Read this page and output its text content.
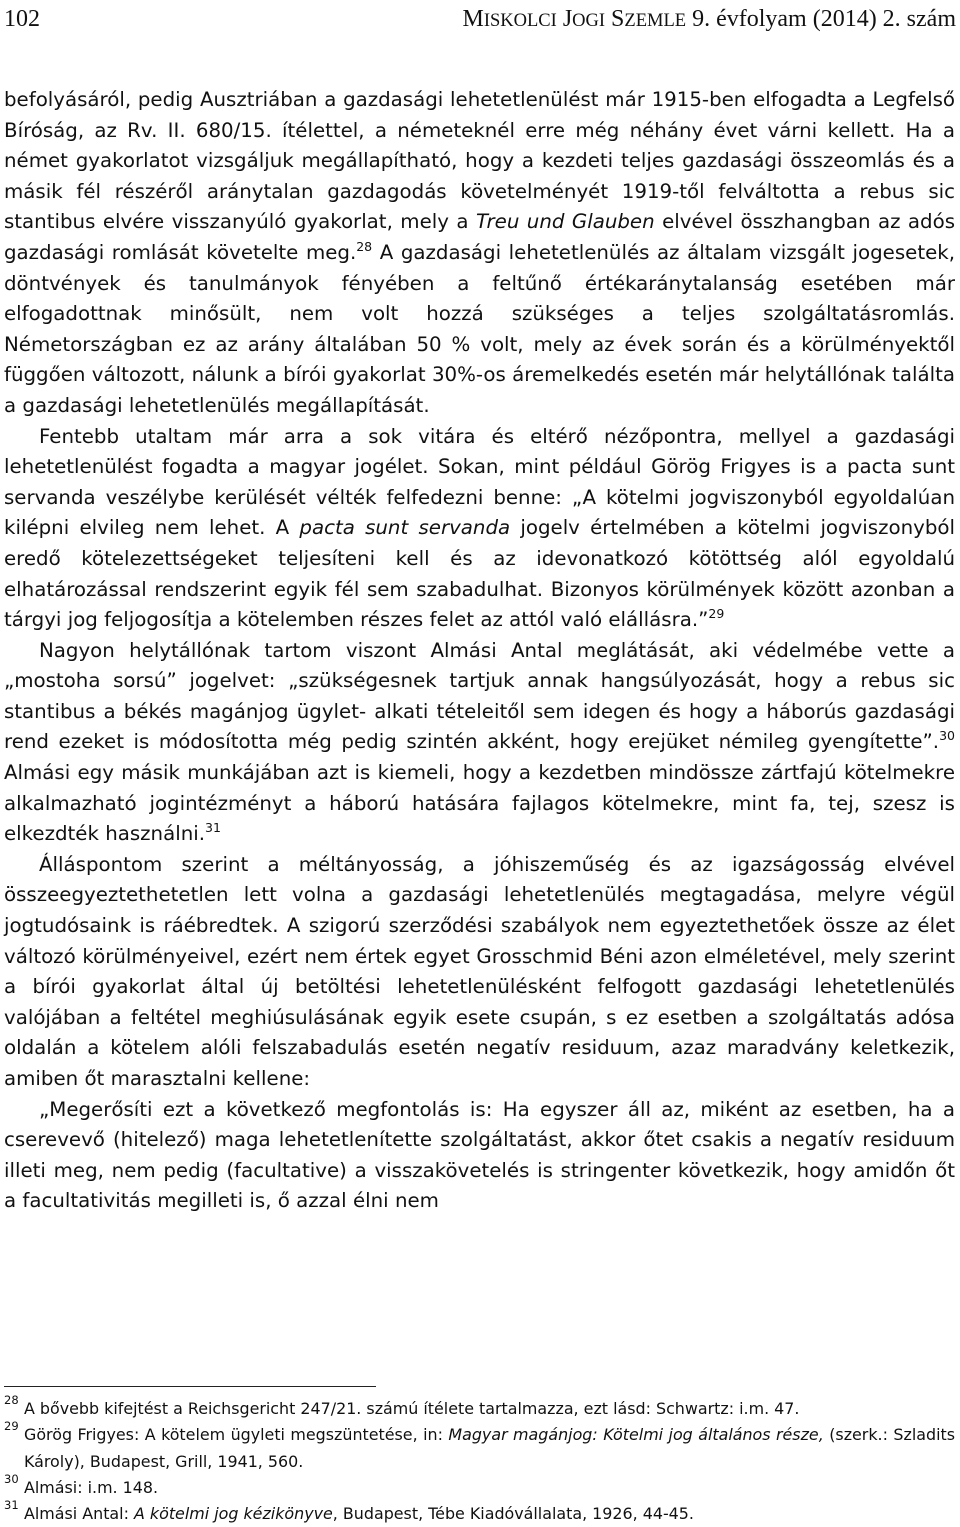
102	MISKOLCI JOGI SZEMLE 9. évfolyam (2014) 2. szám

befolyásáról, pedig Ausztriában a gazdasági lehetetlenülést már 1915-ben elfogadta a Legfelső Bíróság, az Rv. II. 680/15. ítélettel, a németeknél erre még néhány évet várni kellett. Ha a német gyakorlatot vizsgáljuk megállapítható, hogy a kezdeti teljes gazdasági összeomlás és a másik fél részéről aránytalan gazdagodás követelményét 1919-től felváltotta a rebus sic stantibus elvére visszanyúló gyakorlat, mely a Treu und Glauben elvével összhangban az adós gazdasági romlását követelte meg.$^{28}$ A gazdasági lehetetlenülés az általam vizsgált jogesetek, döntvények és tanulmányok fényében a feltűnő értékaránytalanság esetében már elfogadottnak minősült, nem volt hozzá szükséges a teljes szolgáltatásromlás. Németországban ez az arány általában 50 % volt, mely az évek során és a körülményektől függően változott, nálunk a bírói gyakorlat 30%-os áremelkedés esetén már helytállónak találta a gazdasági lehetetlenülés megállapítását.

Fentebb utaltam már arra a sok vitára és eltérő nézőpontra, mellyel a gazdasági lehetetlenülést fogadta a magyar jogélet. Sokan, mint például Görög Frigyes is a pacta sunt servanda veszélybe kerülését vélték felfedezni benne: „A kötelmi jogviszonyból egyoldalúan kilépni elvileg nem lehet. A pacta sunt servanda jogelv értelmében a kötelmi jogviszonyból eredő kötelezettségeket teljesíteni kell és az idevonatkozó kötöttség alól egyoldalú elhatározással rendszerint egyik fél sem szabadulhat. Bizonyos körülmények között azonban a tárgyi jog feljogosítja a kötelemben részes felet az attól való elállásra.”$^{29}$

Nagyon helytállónak tartom viszont Almási Antal meglátását, aki védelmébe vette a „mostoha sorsú” jogelvet: „szükségesnek tartjuk annak hangsúlyozását, hogy a rebus sic stantibus a békés magánjog ügylet- alkati tételeitől sem idegen és hogy a háborús gazdasági rend ezeket is módosította még pedig szintén akként, hogy erejüket némileg gyengítette”.$^{30}$ Almási egy másik munkájában azt is kiemeli, hogy a kezdetben mindössze zártfajú kötelmekre alkalmazható jogintézményt a háború hatására fajlagos kötelmekre, mint fa, tej, szesz is elkezdték használni.$^{31}$

Álláspontom szerint a méltányosság, a jóhiszeműség és az igazságosság elvével összeegyeztethetetlen lett volna a gazdasági lehetetlenülés megtagadása, melyre végül jogtudósaink is ráébredtek. A szigorú szerződési szabályok nem egyeztethetőek össze az élet változó körülményeivel, ezért nem értek egyet Grosschmid Béni azon elméletével, mely szerint a bírói gyakorlat által új betöltési lehetetlenülésként felfogott gazdasági lehetetlenülés valójában a feltétel meghiúsulásának egyik esete csupán, s ez esetben a szolgáltatás adósa oldalán a kötelem alóli felszabadulás esetén negatív residuum, azaz maradvány keletkezik, amiben őt marasztalni kellene:

„Megerősíti ezt a következő megfontolás is: Ha egyszer áll az, miként az esetben, ha a cserevevő (hitelező) maga lehetetlenítette szolgáltatást, akkor őtet csakis a negatív residuum illeti meg, nem pedig (facultative) a visszakövetelés is stringenter következik, hogy amidőn őt a facultativitás megilleti is, ő azzal élni nem

28 A bővebb kifejtést a Reichsgericht 247/21. számú ítélete tartalmazza, ezt lásd: Schwartz: i.m. 47.
29 Görög Frigyes: A kötelem ügyleti megszüntetése, in: Magyar magánjog: Kötelmi jog általános része, (szerk.: Szladits Károly), Budapest, Grill, 1941, 560.
30 Almási: i.m. 148.
31 Almási Antal: A kötelmi jog kézikönyve, Budapest, Tébe Kiadóvállalata, 1926, 44-45.
